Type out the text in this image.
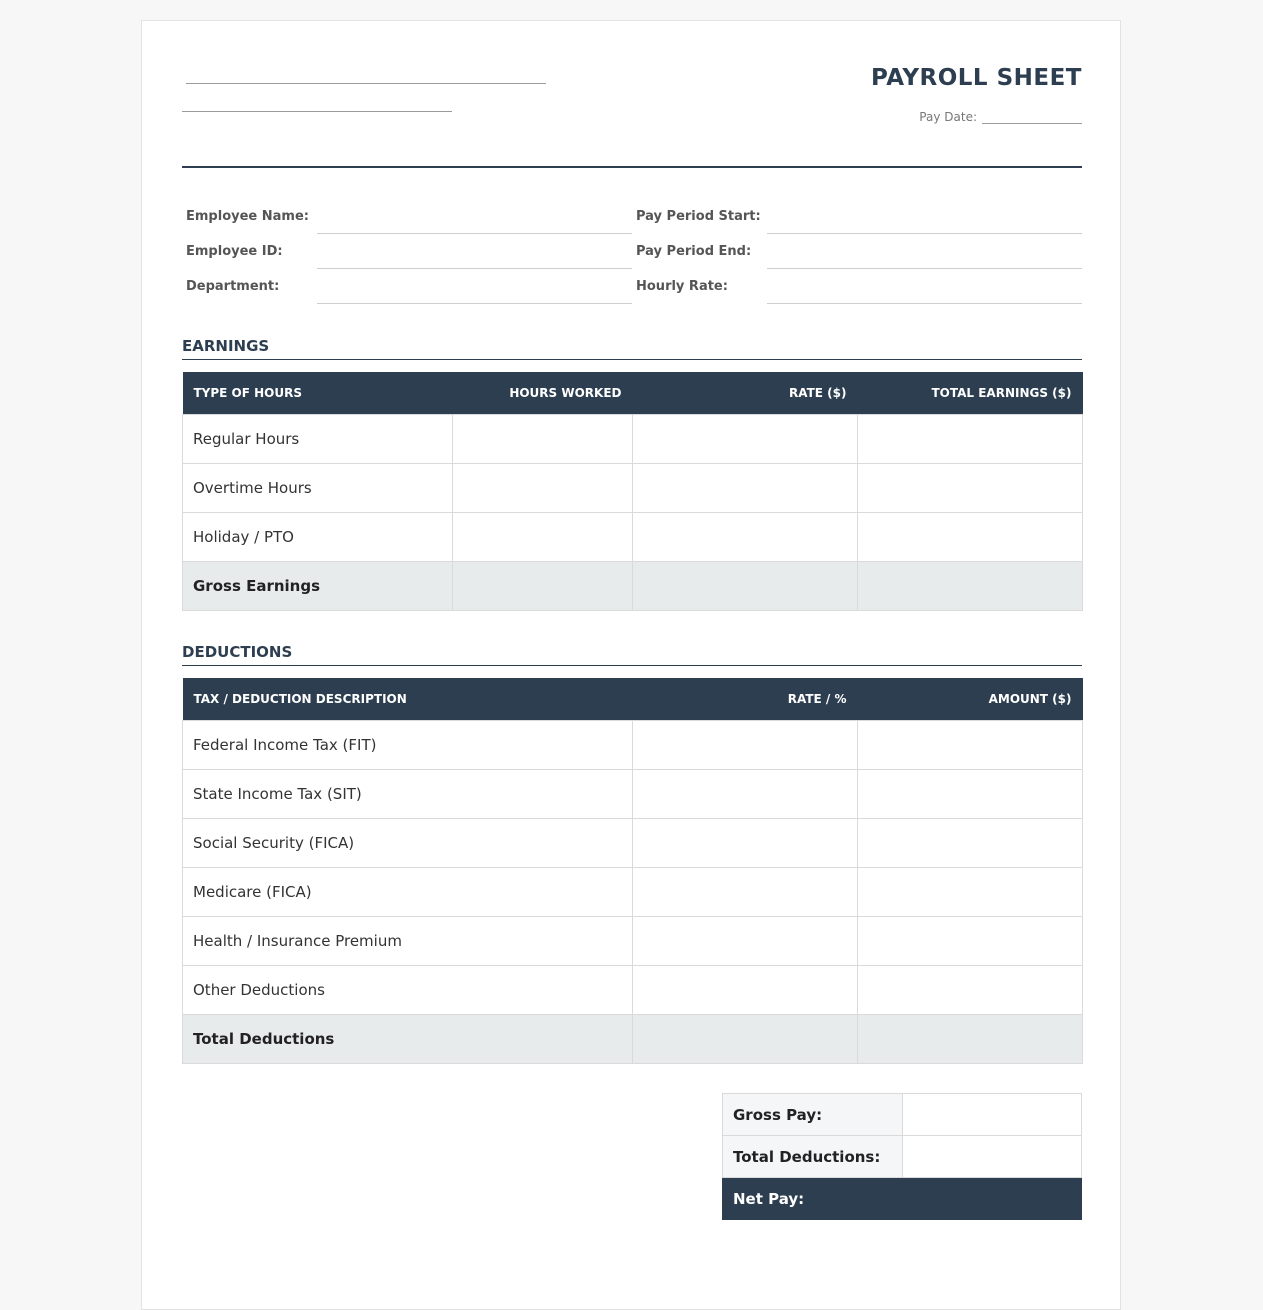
PAYROLL SHEET
Pay Date:
Employee Name:	Pay Period Start:
Employee ID:	Pay Period End:
Department:	Hourly Rate:
EARNINGS
TYPE OF HOURS	HOURS WORKED	RATE ($)	TOTAL EARNINGS ($)
Regular Hours			
Overtime Hours			
Holiday / PTO			
Gross Earnings			
DEDUCTIONS
TAX / DEDUCTION DESCRIPTION	RATE / %	AMOUNT ($)
Federal Income Tax (FIT)		
State Income Tax (SIT)		
Social Security (FICA)		
Medicare (FICA)		
Health / Insurance Premium		
Other Deductions		
Total Deductions		
Gross Pay:	
Total Deductions:	
Net Pay:	
